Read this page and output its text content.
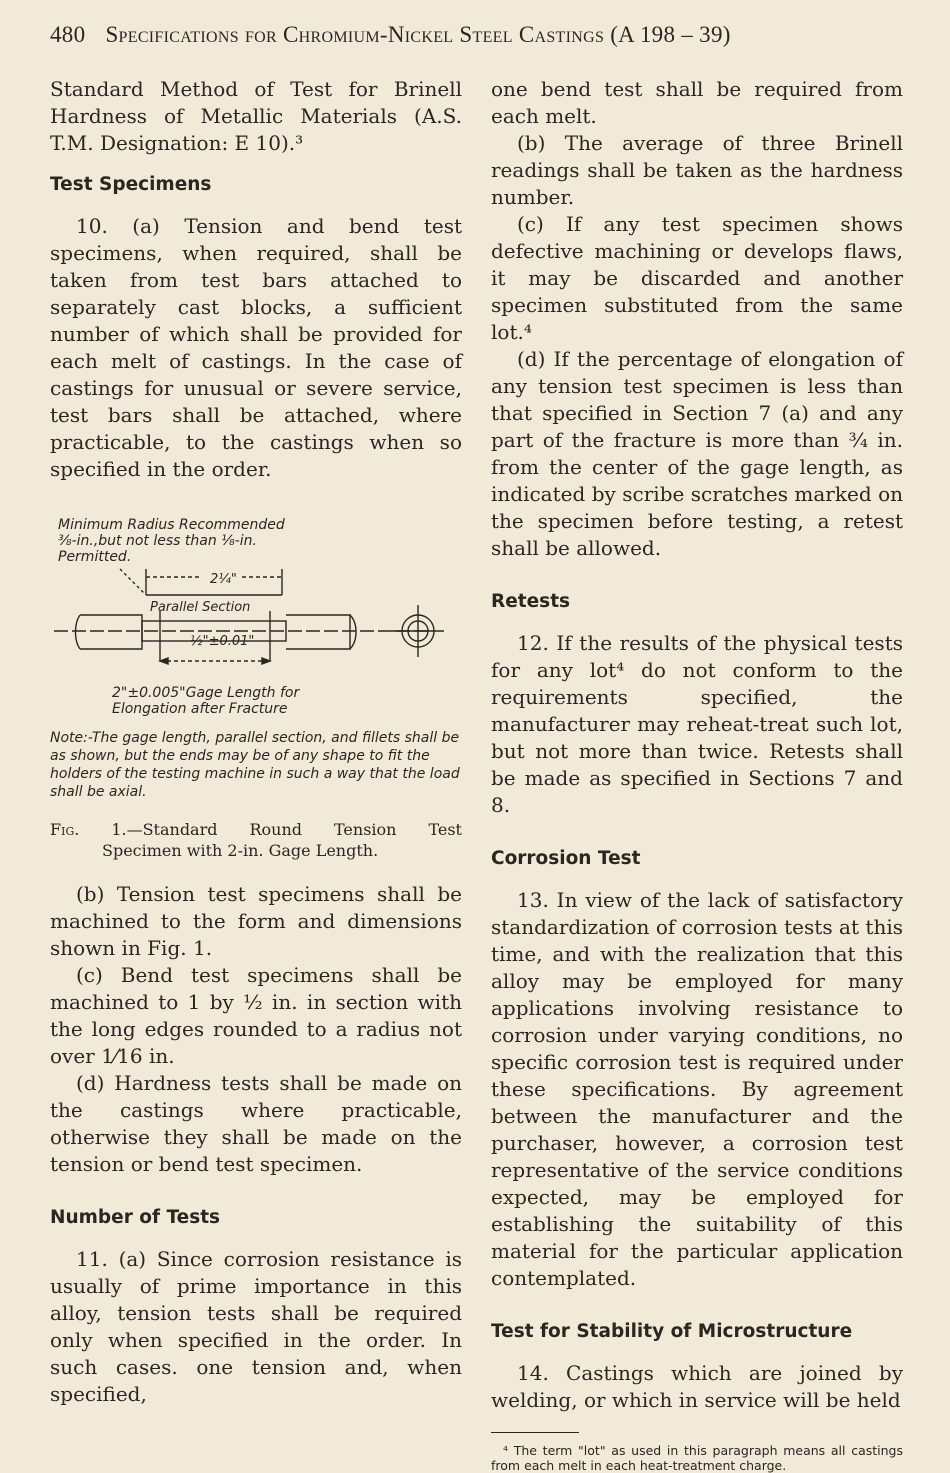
480 Specifications for Chromium-Nickel Steel Castings (A 198 – 39)

Standard Method of Test for Brinell Hardness of Metallic Materials (A.S. T.M. Designation: E 10).³

Test Specimens

10. (a) Tension and bend test specimens, when required, shall be taken from test bars attached to separately cast blocks, a sufficient number of which shall be provided for each melt of castings. In the case of castings for unusual or severe service, test bars shall be attached, where practicable, to the castings when so specified in the order.

Minimum Radius Recommended
⅜-in.,but not less than ⅛-in.
Permitted.
2¼"
Parallel Section
½"±0.01"
2"±0.005"Gage Length for
Elongation after Fracture
Note:-The gage length, parallel section, and fillets shall be as shown, but the ends may be of any shape to fit the holders of the testing machine in such a way that the load shall be axial.
Fig. 1.—Standard Round Tension Test
Specimen with 2-in. Gage Length.

(b) Tension test specimens shall be machined to the form and dimensions shown in Fig. 1.

(c) Bend test specimens shall be machined to 1 by ½ in. in section with the long edges rounded to a radius not over 1⁄16 in.

(d) Hardness tests shall be made on the castings where practicable, otherwise they shall be made on the tension or bend test specimen.

Number of Tests

11. (a) Since corrosion resistance is usually of prime importance in this alloy, tension tests shall be required only when specified in the order. In such cases. one tension and, when specified,

one bend test shall be required from each melt.

(b) The average of three Brinell readings shall be taken as the hardness number.

(c) If any test specimen shows defective machining or develops flaws, it may be discarded and another specimen substituted from the same lot.⁴

(d) If the percentage of elongation of any tension test specimen is less than that specified in Section 7 (a) and any part of the fracture is more than ¾ in. from the center of the gage length, as indicated by scribe scratches marked on the specimen before testing, a retest shall be allowed.

Retests

12. If the results of the physical tests for any lot⁴ do not conform to the requirements specified, the manufacturer may reheat-treat such lot, but not more than twice. Retests shall be made as specified in Sections 7 and 8.

Corrosion Test

13. In view of the lack of satisfactory standardization of corrosion tests at this time, and with the realization that this alloy may be employed for many applications involving resistance to corrosion under varying conditions, no specific corrosion test is required under these specifications. By agreement between the manufacturer and the purchaser, however, a corrosion test representative of the service conditions expected, may be employed for establishing the suitability of this material for the particular application contemplated.

Test for Stability of Microstructure

14. Castings which are joined by welding, or which in service will be held

⁴ The term "lot" as used in this paragraph means all castings from each melt in each heat-treatment charge.
